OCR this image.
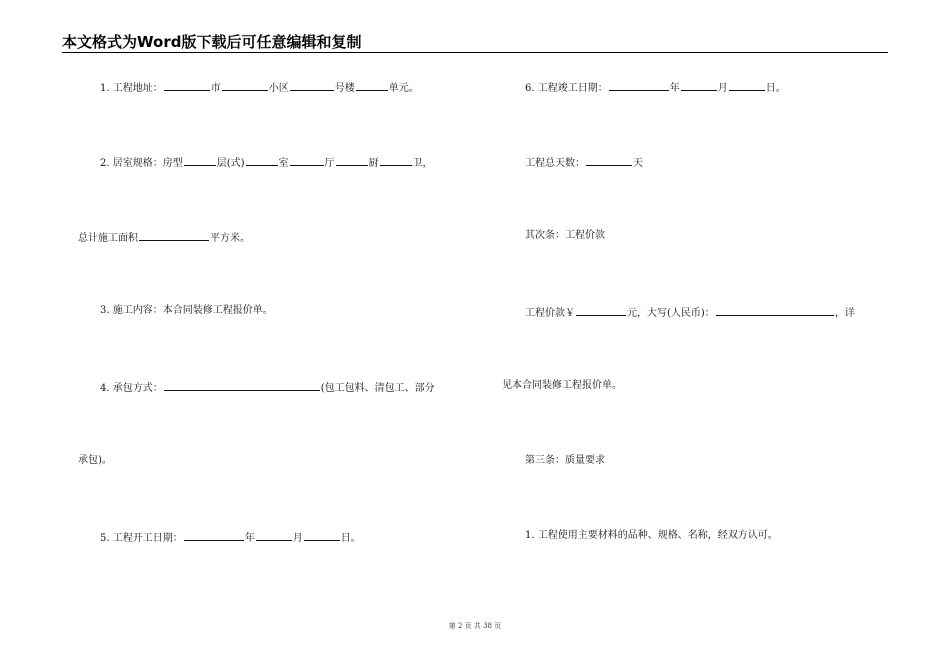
本文格式为Word版下载后可任意编辑和复制
1. 工程地址：	市	小区	号楼	单元。
2. 居室规格：房型	层(式)	室	厅	厨	卫，
总计施工面积	平方米。
3. 施工内容：本合同装修工程报价单。
4. 承包方式：	(包工包料、清包工、部分
承包)。
5. 工程开工日期：	年	月	日。
6. 工程竣工日期：	年	月	日。
工程总天数：	天
其次条：工程价款
工程价款￥	元，大写(人民币)：	，详
见本合同装修工程报价单。
第三条：质量要求
1. 工程使用主要材料的品种、规格、名称，经双方认可。
第 2 页 共 38 页
